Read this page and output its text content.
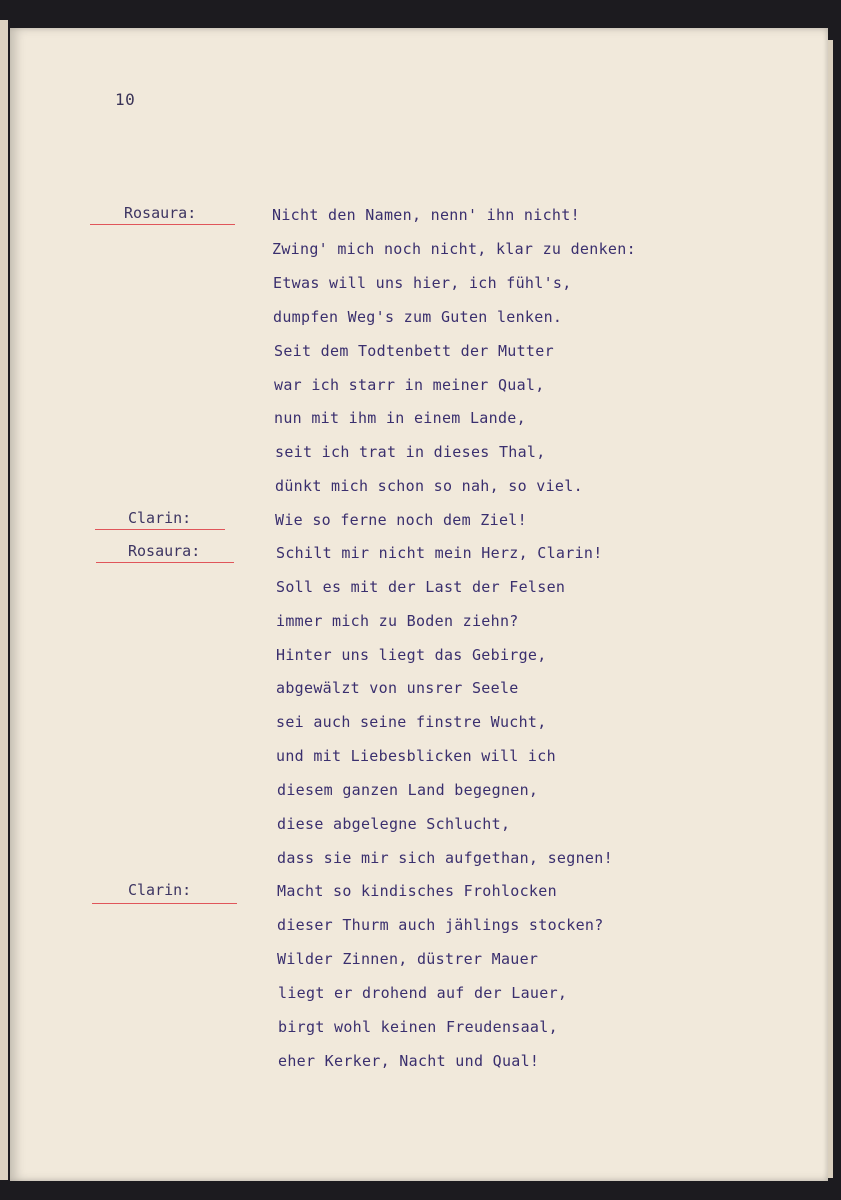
10
Rosaura:
Clarin:
Rosaura:
Clarin:
Nicht den Namen, nenn' ihn nicht!
Zwing' mich noch nicht, klar zu denken:
Etwas will uns hier, ich fühl's,
dumpfen Weg's zum Guten lenken.
Seit dem Todtenbett der Mutter
war ich starr in meiner Qual,
nun mit ihm in einem Lande,
seit ich trat in dieses Thal,
dünkt mich schon so nah, so viel.
Wie so ferne noch dem Ziel!
Schilt mir nicht mein Herz, Clarin!
Soll es mit der Last der Felsen
immer mich zu Boden ziehn?
Hinter uns liegt das Gebirge,
abgewälzt von unsrer Seele
sei auch seine finstre Wucht,
und mit Liebesblicken will ich
diesem ganzen Land begegnen,
diese abgelegne Schlucht,
dass sie mir sich aufgethan, segnen!
Macht so kindisches Frohlocken
dieser Thurm auch jählings stocken?
Wilder Zinnen, düstrer Mauer
liegt er drohend auf der Lauer,
birgt wohl keinen Freudensaal,
eher Kerker, Nacht und Qual!
